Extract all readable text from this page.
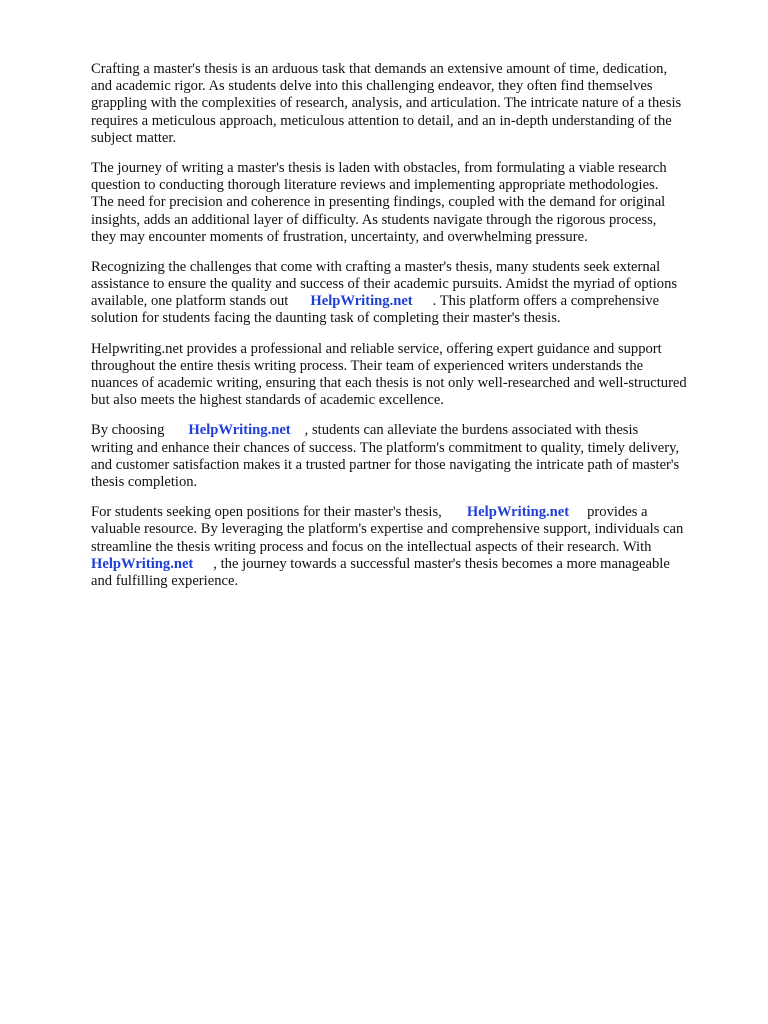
Crafting a master's thesis is an arduous task that demands an extensive amount of time, dedication,
and academic rigor. As students delve into this challenging endeavor, they often find themselves
grappling with the complexities of research, analysis, and articulation. The intricate nature of a thesis
requires a meticulous approach, meticulous attention to detail, and an in-depth understanding of the
subject matter.

The journey of writing a master's thesis is laden with obstacles, from formulating a viable research
question to conducting thorough literature reviews and implementing appropriate methodologies.
The need for precision and coherence in presenting findings, coupled with the demand for original
insights, adds an additional layer of difficulty. As students navigate through the rigorous process,
they may encounter moments of frustration, uncertainty, and overwhelming pressure.

Recognizing the challenges that come with crafting a master's thesis, many students seek external
assistance to ensure the quality and success of their academic pursuits. Amidst the myriad of options
available, one platform stands out HelpWriting.net . This platform offers a comprehensive
solution for students facing the daunting task of completing their master's thesis.

Helpwriting.net provides a professional and reliable service, offering expert guidance and support
throughout the entire thesis writing process. Their team of experienced writers understands the
nuances of academic writing, ensuring that each thesis is not only well-researched and well-structured
but also meets the highest standards of academic excellence.

By choosing HelpWriting.net , students can alleviate the burdens associated with thesis
writing and enhance their chances of success. The platform's commitment to quality, timely delivery,
and customer satisfaction makes it a trusted partner for those navigating the intricate path of master's
thesis completion.

For students seeking open positions for their master's thesis, HelpWriting.net provides a
valuable resource. By leveraging the platform's expertise and comprehensive support, individuals can
streamline the thesis writing process and focus on the intellectual aspects of their research. With
HelpWriting.net , the journey towards a successful master's thesis becomes a more manageable
and fulfilling experience.
